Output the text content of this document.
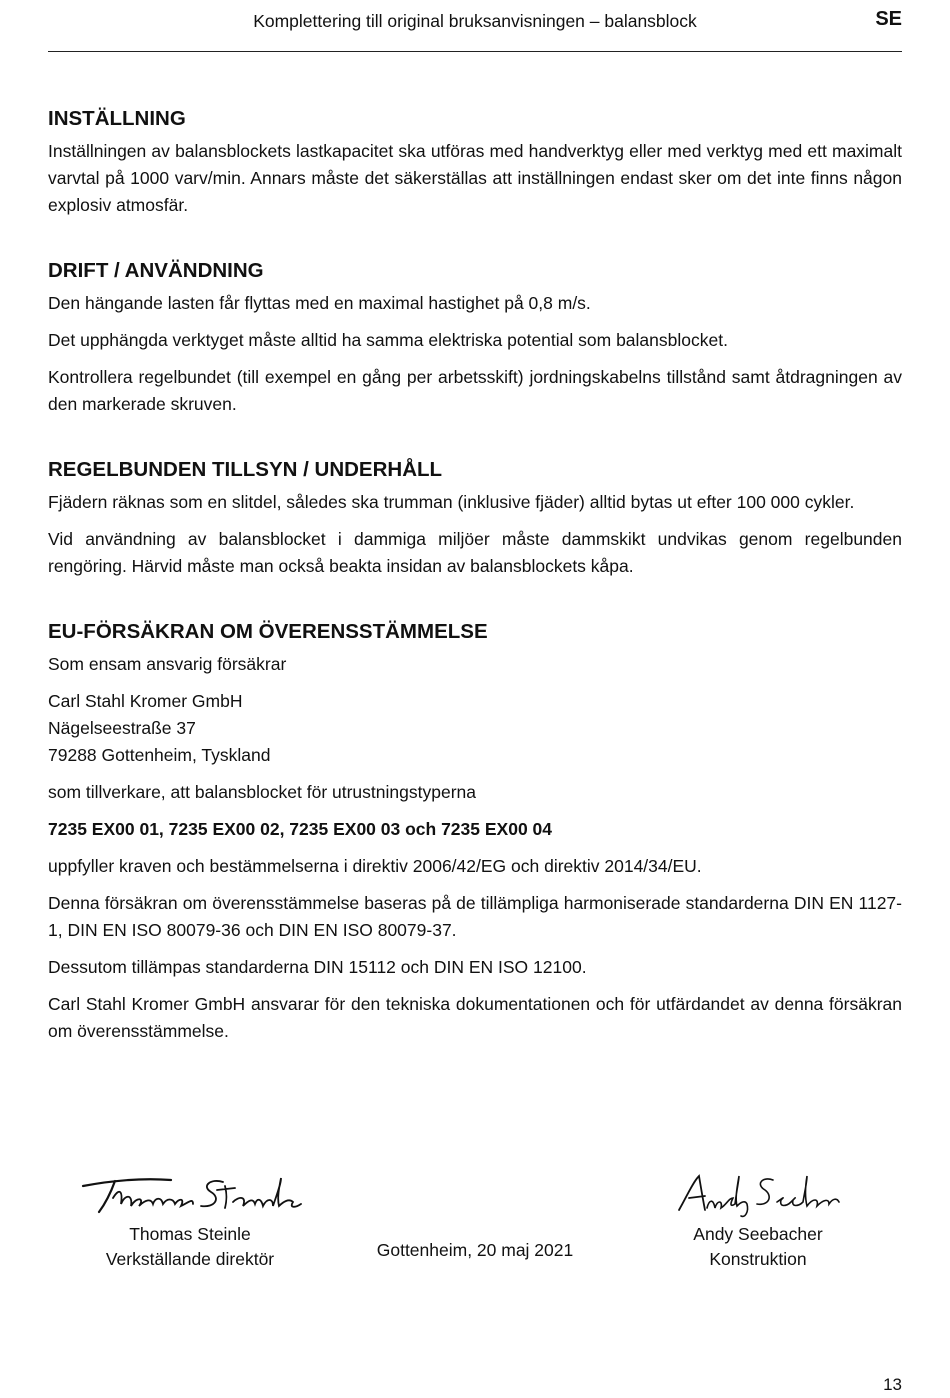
Komplettering till original bruksanvisningen – balansblock	SE
INSTÄLLNING
Inställningen av balansblockets lastkapacitet ska utföras med handverktyg eller med verktyg med ett maximalt varvtal på 1000 varv/min. Annars måste det säkerställas att inställningen endast sker om det inte finns någon explosiv atmosfär.
DRIFT / ANVÄNDNING
Den hängande lasten får flyttas med en maximal hastighet på 0,8 m/s.
Det upphängda verktyget måste alltid ha samma elektriska potential som balansblocket.
Kontrollera regelbundet (till exempel en gång per arbetsskift) jordningskabelns tillstånd samt åtdragningen av den markerade skruven.
REGELBUNDEN TILLSYN / UNDERHÅLL
Fjädern räknas som en slitdel, således ska trumman (inklusive fjäder) alltid bytas ut efter 100 000 cykler.
Vid användning av balansblocket i dammiga miljöer måste dammskikt undvikas genom regelbunden rengöring. Härvid måste man också beakta insidan av balansblockets kåpa.
EU-FÖRSÄKRAN OM ÖVERENSSTÄMMELSE
Som ensam ansvarig försäkrar
Carl Stahl Kromer GmbH
Nägelseestraße 37
79288 Gottenheim, Tyskland
som tillverkare, att balansblocket för utrustningstyperna
7235 EX00 01, 7235 EX00 02, 7235 EX00 03 och 7235 EX00 04
uppfyller kraven och bestämmelserna i direktiv 2006/42/EG och direktiv 2014/34/EU.
Denna försäkran om överensstämmelse baseras på de tillämpliga harmoniserade standarderna DIN EN 1127-1, DIN EN ISO 80079-36 och DIN EN ISO 80079-37.
Dessutom tillämpas standarderna DIN 15112 och DIN EN ISO 12100.
Carl Stahl Kromer GmbH ansvarar för den tekniska dokumentationen och för utfärdandet av denna försäkran om överensstämmelse.
Thomas Steinle
Verkställande direktör	Gottenheim, 20 maj 2021
Andy Seebacher
Konstruktion
13
